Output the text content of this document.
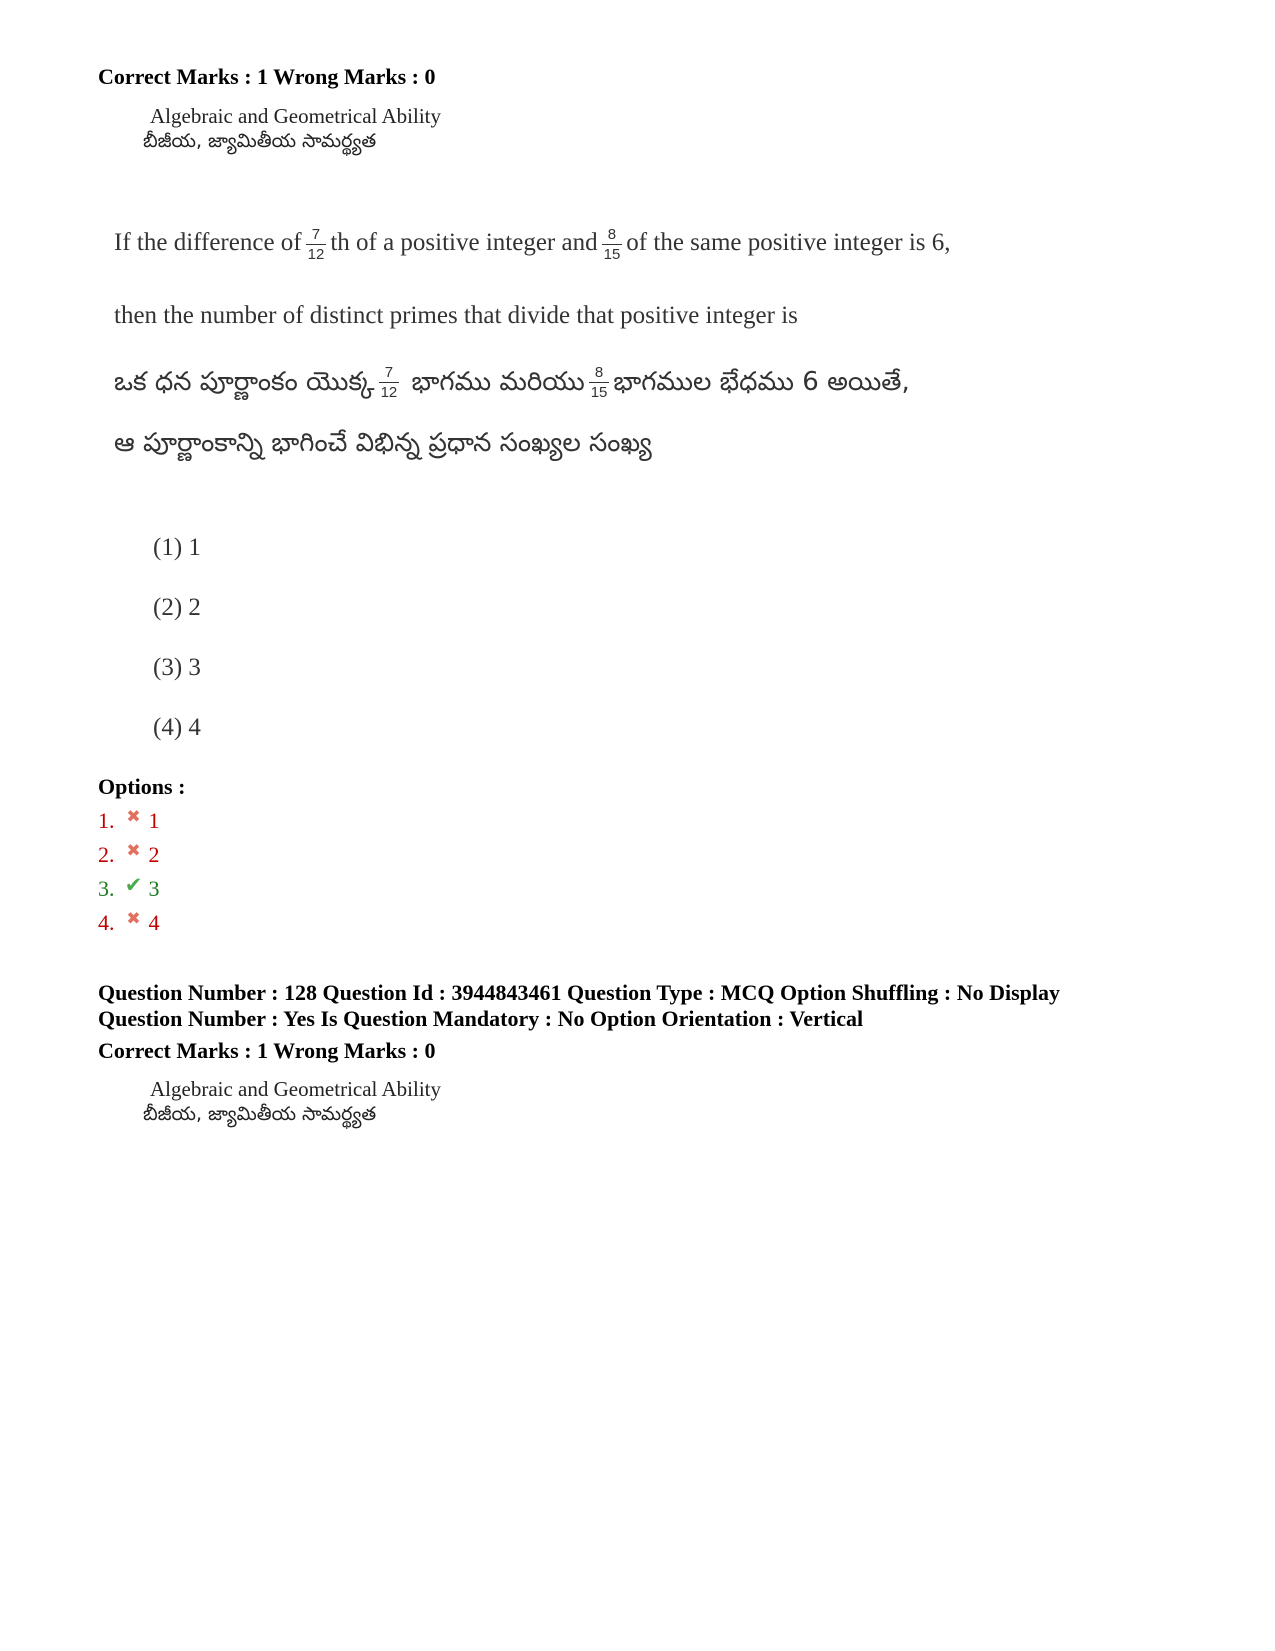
Correct Marks : 1 Wrong Marks : 0
Algebraic and Geometrical Ability
బీజీయ, జ్యామితీయ సామర్థ్యత
If the difference of $\frac{7}{12}$ th of a positive integer and $\frac{8}{15}$ of the same positive integer is 6,
then the number of distinct primes that divide that positive integer is
ఒక ధన పూర్ణాంకం యొక్క $\frac{7}{12}$ భాగము మరియు $\frac{8}{15}$ భాగముల భేధము 6 అయితే,
ఆ పూర్ణాంకాన్ని భాగించే విభిన్న ప్రధాన సంఖ్యల సంఖ్య
(1) 1
(2) 2
(3) 3
(4) 4
Options :
1. ✖ 1
2. ✖ 2
3. ✔ 3
4. ✖ 4
Question Number : 128 Question Id : 3944843461 Question Type : MCQ Option Shuffling : No Display
Question Number : Yes Is Question Mandatory : No Option Orientation : Vertical
Correct Marks : 1 Wrong Marks : 0
Algebraic and Geometrical Ability
బీజీయ, జ్యామితీయ సామర్థ్యత
